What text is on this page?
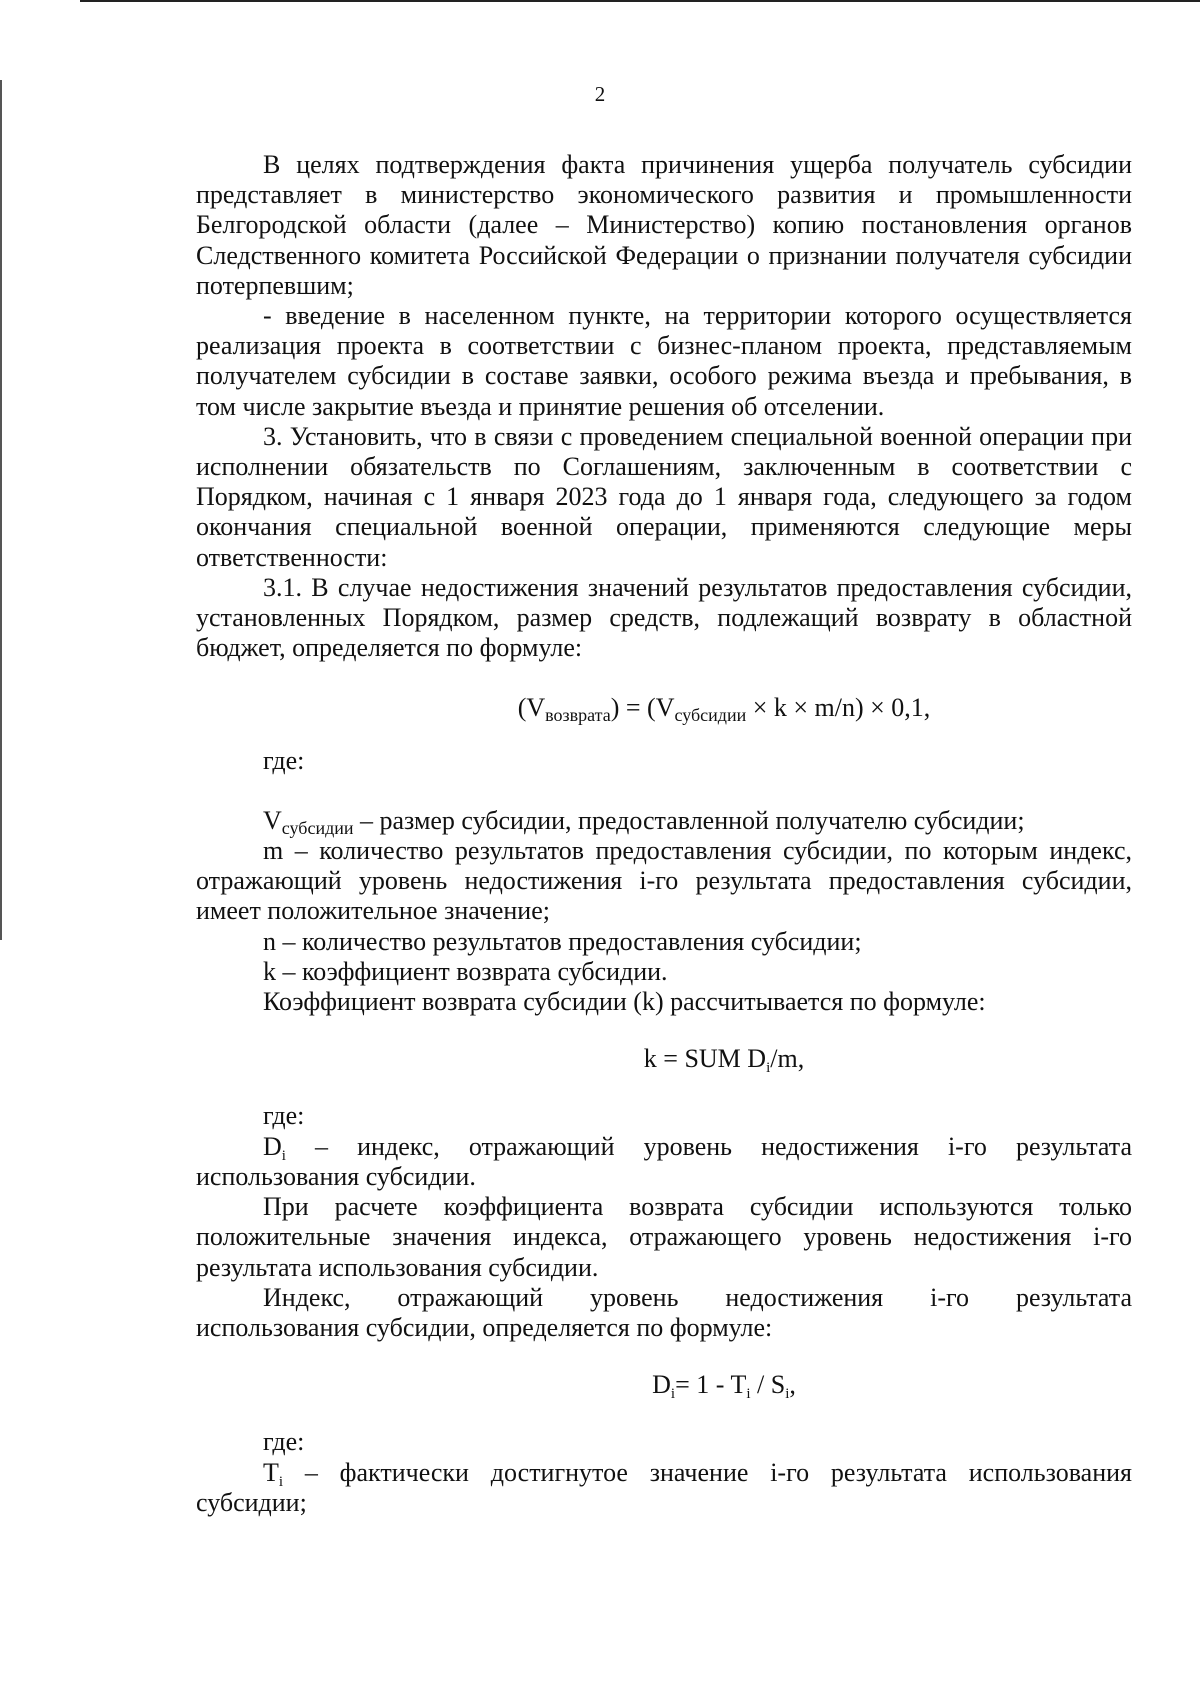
2

В целях подтверждения факта причинения ущерба получатель субсидии представляет в министерство экономического развития и промышленности Белгородской области (далее – Министерство) копию постановления органов Следственного комитета Российской Федерации о признании получателя субсидии потерпевшим;

- введение в населенном пункте, на территории которого осуществляется реализация проекта в соответствии с бизнес-планом проекта, представляемым получателем субсидии в составе заявки, особого режима въезда и пребывания, в том числе закрытие въезда и принятие решения об отселении.

3. Установить, что в связи с проведением специальной военной операции при исполнении обязательств по Соглашениям, заключенным в соответствии с Порядком, начиная с 1 января 2023 года до 1 января года, следующего за годом окончания специальной военной операции, применяются следующие меры ответственности:

3.1. В случае недостижения значений результатов предоставления субсидии, установленных Порядком, размер средств, подлежащий возврату в областной бюджет, определяется по формуле:

$(V_{возврата}) = (V_{субсидии} \times k \times m/n) \times 0,1$,

где:

$V_{субсидии}$ – размер субсидии, предоставленной получателю субсидии;

m – количество результатов предоставления субсидии, по которым индекс, отражающий уровень недостижения i-го результата предоставления субсидии, имеет положительное значение;

n – количество результатов предоставления субсидии;

k – коэффициент возврата субсидии.

Коэффициент возврата субсидии (k) рассчитывается по формуле:

k = SUM $D_i/m$,

где:

$D_i$ – индекс, отражающий уровень недостижения i-го результата использования субсидии.

При расчете коэффициента возврата субсидии используются только положительные значения индекса, отражающего уровень недостижения i-го результата использования субсидии.

Индекс, отражающий уровень недостижения i-го результата

использования субсидии, определяется по формуле:

$D_i= 1 - T_i / S_i$,

где:

$T_i$ – фактически достигнутое значение i-го результата использования субсидии;
